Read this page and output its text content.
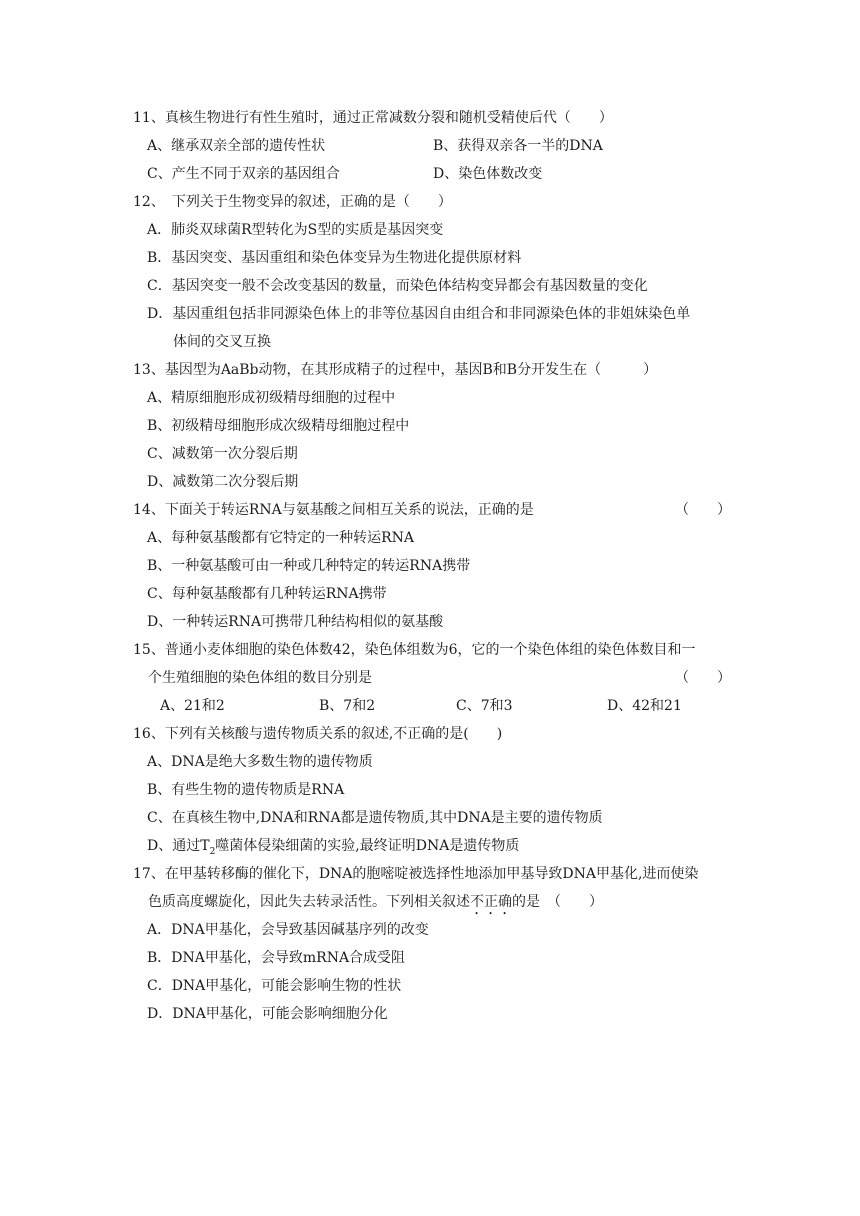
11、真核生物进行有性生殖时，通过正常减数分裂和随机受精使后代（　　）
A、继承双亲全部的遗传性状	B、获得双亲各一半的DNA
C、产生不同于双亲的基因组合	D、染色体数改变
12、　下列关于生物变异的叙述，正确的是（　　）
A．肺炎双球菌R型转化为S型的实质是基因突变
B．基因突变、基因重组和染色体变异为生物进化提供原材料
C．基因突变一般不会改变基因的数量，而染色体结构变异都会有基因数量的变化
D．基因重组包括非同源染色体上的非等位基因自由组合和非同源染色体的非姐妹染色单
体间的交叉互换
13、基因型为AaBb动物，在其形成精子的过程中，基因B和B分开发生在（　　　）
A、精原细胞形成初级精母细胞的过程中
B、初级精母细胞形成次级精母细胞过程中
C、减数第一次分裂后期
D、减数第二次分裂后期
14、下面关于转运RNA与氨基酸之间相互关系的说法，正确的是	（　　）
A、每种氨基酸都有它特定的一种转运RNA
B、一种氨基酸可由一种或几种特定的转运RNA携带
C、每种氨基酸都有几种转运RNA携带
D、一种转运RNA可携带几种结构相似的氨基酸
15、普通小麦体细胞的染色体数42，染色体组数为6，它的一个染色体组的染色体数目和一
个生殖细胞的染色体组的数目分别是	（　　）
A、21和2	B、7和2	C、7和3	D、42和21
16、下列有关核酸与遗传物质关系的叙述,不正确的是(　　)
A、DNA是绝大多数生物的遗传物质
B、有些生物的遗传物质是RNA
C、在真核生物中,DNA和RNA都是遗传物质,其中DNA是主要的遗传物质
D、通过$T_2$噬菌体侵染细菌的实验,最终证明DNA是遗传物质
17、在甲基转移酶的催化下，DNA的胞嘧啶被选择性地添加甲基导致DNA甲基化,进而使染
色质高度螺旋化，因此失去转录活性。下列相关叙述不正确的是　（　　）
A．DNA甲基化，会导致基因碱基序列的改变
B．DNA甲基化，会导致mRNA合成受阻
C．DNA甲基化，可能会影响生物的性状
D．DNA甲基化，可能会影响细胞分化
